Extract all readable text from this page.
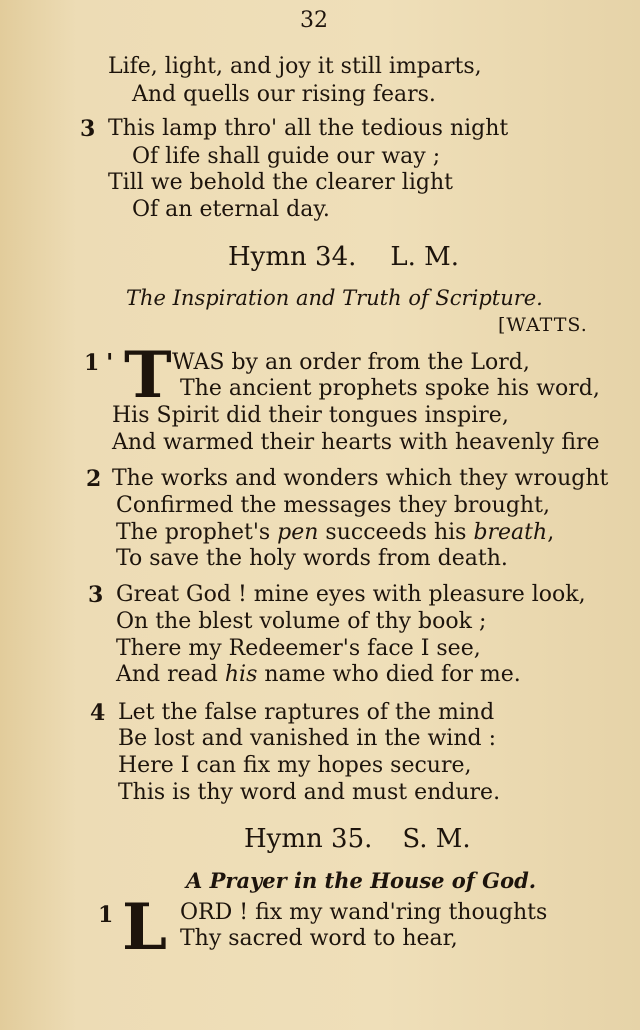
32
Life, light, and joy it still imparts,
And quells our rising fears.
3 This lamp thro' all the tedious night
Of life shall guide our way ;
Till we behold the clearer light
Of an eternal day.
Hymn 34. L. M.
The Inspiration and Truth of Scripture.
[WATTS.
1 ' T WAS by an order from the Lord,
The ancient prophets spoke his word,
His Spirit did their tongues inspire,
And warmed their hearts with heavenly fire
2 The works and wonders which they wrought
Confirmed the messages they brought,
The prophet's pen succeeds his breath,
To save the holy words from death.
3 Great God ! mine eyes with pleasure look,
On the blest volume of thy book ;
There my Redeemer's face I see,
And read his name who died for me.
4 Let the false raptures of the mind
Be lost and vanished in the wind :
Here I can fix my hopes secure,
This is thy word and must endure.
Hymn 35. S. M.
A Prayer in the House of God.
1 L ORD ! fix my wand'ring thoughts
Thy sacred word to hear,
